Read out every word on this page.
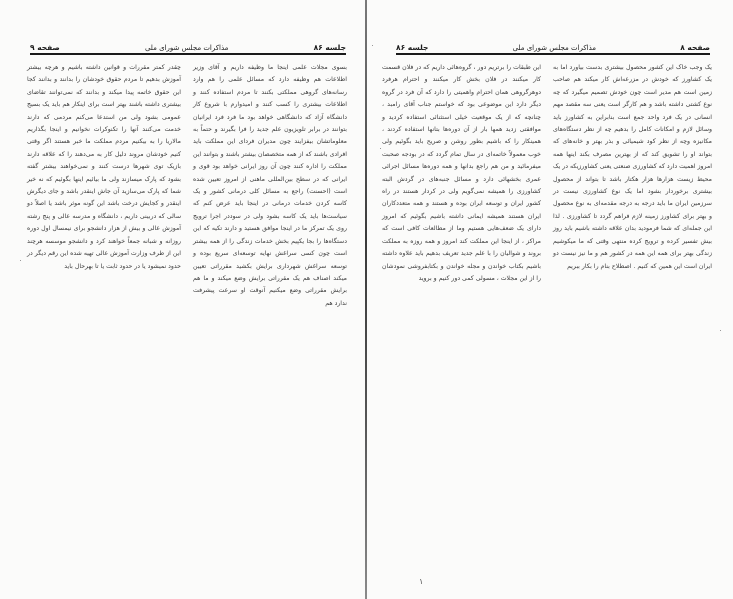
جلسه ۸۶
مذاکرات مجلس شورای ملی
صفحه ۹

بسوی مجلات علمی اینجا ما وظیفه داریم و آقای وزیر اطلاعات هم وظیفه دارد که مسائل علمی را هم وارد رسانه‌های گروهی مملکتی بکنند تا مردم استفاده کنند و اطلاعات بیشتری را کسب کنند و امیدوارم با شروع کار دانشگاه آزاد که دانشگاهی خواهد بود ما فرد فرد ایرانیان بتوانند در برابر تلویزیون علم جدید را فرا بگیرند و حتماً به معلوماتشان بیفزایند چون مدیران فردای این مملکت باید افرادی باشند که از همه متخصصان بیشتر باشند و بتوانند این مملکت را اداره کنند چون آن روز ایرانی خواهد بود قوی و ایرانی که در سطح بین‌المللی ماهنی از امروز تعیین شده است (احسنت) راجع به مسائل کلی درمانی کشور و یک کاسه کردن خدمات درمانی در اینجا باید عرض کنم که سیاست‌ها باید یک کاسه بشود ولی در سوددر اجرا ترویج روی یک تمرکز ما در اینجا موافق هستید و دارند تکیه که این دستگاه‌ها را بجا یکپیم بخش خدمات زندگی را از همه بیشتر است چون کسی سراغش نهایه توسعه‌ای سریع بوده و توسعه سراغش شهرداری برایش بکشید مقرراتی تعیین میکند اصناف هم یک مقرراتی برایش وضع میکند و ما هم برایش مقرراتی وضع میکنیم آنوقت او سرعت پیشرفت ندارد هم

چقدر کمتر مقررات و قوانین داشته باشیم و هرچه بیشتر آموزش بدهیم تا مردم حقوق خودشان را بدانند و بدانند کجا این حقوق خاتمه پیدا میکند و بدانند که نمی‌توانند تقاضای بیشتری داشته باشند بهتر است برای اینکار هم باید یک بسیج عمومی بشود ولی من استدعا می‌کنم مردمی که دارند خدمت می‌کنند آنها را تکنوکرات نخوانیم و اینجا بگذاریم مالاریا را به بیکنیم مردم مملکت ما خبر هستند اگر وقتی کنیم خودشان مروند دلیل کار به می‌دهند را که علاقه دارند بازیک توی شهرها درست کنند و نمی‌خواهند بیشتر گفته بشود که پارک میسازند ولی ما بیائیم اینها بگوئیم که نه خیر شما که پارک می‌سازید آن جاش اینقدر باشد و جای دیگرش اینقدر و کجایش درخت باشد این گونه موثر باشد یا اصلاً دو سالی که دربینی داریم ، دانشگاه و مدرسه عالی و پنج رشته آموزش عالی و بیش از هزار دانشجو برای نیمسال اول دوره روزانه و شبانه جمعاً خواهند کرد و دانشجو موسسه هرچند این از طرف وزارت آموزش عالی تهیه شده این رقم دیگر در حدود نمیشود یا در حدود ثابت یا تا بهرحال باید

صفحه ۸
مذاکرات مجلس شورای ملی
جلسه ۸۶

یک وجب خاک این کشور محصول بیشتری بدست بیاورد اما به یک کشاورز که خودش در مزرعه‌اش کار میکند هم صاحب زمین است هم مدیر است چون خودش تصمیم میگیرد که چه نوع کشتی داشته باشد و هم کارگر است یعنی سه مقصد مهم انسانی در یک فرد واحد جمع است بنابراین به کشاورز باید وسائل لازم و امکانات کامل را بدهیم چه از نظر دستگاه‌های مکانیزه وچه از نظر کود شیمیائی و بذر بهتر و خانه‌های که بتواند او را تشویق کند که از بهترین مصرف بکند اینها همه امروز اهمیت دارد که کشاورزی صنعتی یعنی کشاورزیکه در یک محیط زیست هزارها هزار هکتار باشد تا بتواند از محصول بیشتری برخوردار بشود اما یک نوع کشاورزی نیست در سرزمین ایران ما باید درجه به درجه مقدمه‌ای به نوع محصول و بهتر برای کشاورز زمینه لازم فراهم گردد تا کشاورزی . لذا این جمله‌ای که شما فرمودید بدان علاقه داشته باشیم باید روز بیش تفسیر کرده و ترویج کرده منتهی وقتی که ما میکوشیم زندگی بهتر برای همه این همه در کشور هم و ما نیز نیست دو ایران است این همین که کنیم . اصطلاح بنام را بکار ببریم

این طبقات را برتریم دور ، گروه‌هائی داریم که در فلان قسمت کار میکنند در فلان بخش کار میکنند و احترام هرفرد دوهرگروهی همان احترام واهمیتی را دارد که آن فرد در گروه دیگر دارد این موضوعی بود که خواستم جناب آقای رامبد ، چنانچه که از یک موقعیت خیلی استثنائی استفاده کردید و موافقتی زدید همها بار از آن دوره‌ها بتانها استفاده کردند ، همینکار را که باشیم بطور روشن و صریح باید بگوئیم ولی خوب معمولاً خاتمه‌ای در سال تمام گردد که در بودجه صحبت میفرمائید و من هم راجع بدانها و همه دوره‌ها مسائل اجرائی عمری بخشهائی دارد و مسائل جنبه‌های در گردش البته کشاورزی را همیشه نمی‌گویم ولی در کردار هستند در راه کشور ایران و توسعه ایران بوده و هستند و همه متعددکاران ایران هستند همیشه ایمانی داشته باشیم بگوئیم که امروز دارای یک ضعف‌هایی هستیم وما از مطالعات کافی است که مراکز ، از اینجا این مملکت کند امروز و همه روزه به مملکت بروند و شوالیان را با علم جدید تعریف بدهیم باید علاوه داشته باشیم بکتاب خواندن و مجله خواندن و بکتابفروشی نمودشان را از این مجلات ، مسولی کمی دور کنیم و بروید

۱
